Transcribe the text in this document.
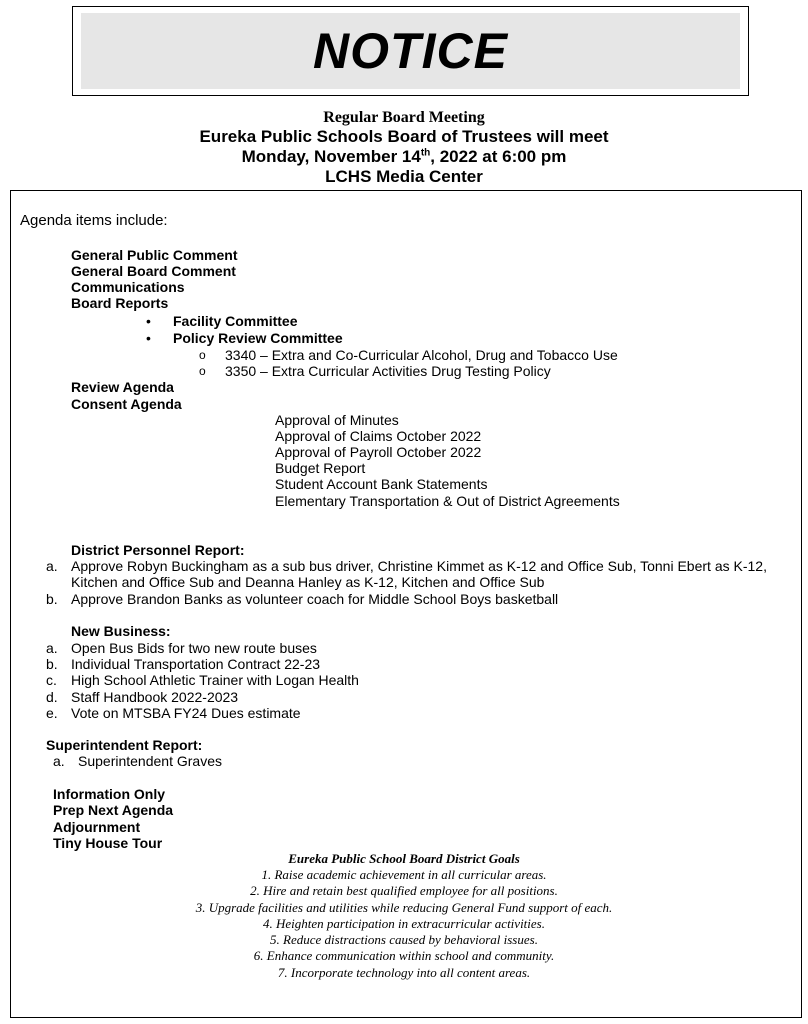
NOTICE
Regular Board Meeting
Eureka Public Schools Board of Trustees will meet
Monday, November 14th, 2022 at 6:00 pm
LCHS Media Center
Agenda items include:
General Public Comment
General Board Comment
Communications
Board Reports
• Facility Committee
• Policy Review Committee
o 3340 – Extra and Co-Curricular Alcohol, Drug and Tobacco Use
o 3350 – Extra Curricular Activities Drug Testing Policy
Review Agenda
Consent Agenda
Approval of Minutes
Approval of Claims October 2022
Approval of Payroll October 2022
Budget Report
Student Account Bank Statements
Elementary Transportation & Out of District Agreements
District Personnel Report:
a. Approve Robyn Buckingham as a sub bus driver, Christine Kimmet as K-12 and Office Sub, Tonni Ebert as K-12,
Kitchen and Office Sub and Deanna Hanley as K-12, Kitchen and Office Sub
b. Approve Brandon Banks as volunteer coach for Middle School Boys basketball
New Business:
a. Open Bus Bids for two new route buses
b. Individual Transportation Contract 22-23
c. High School Athletic Trainer with Logan Health
d. Staff Handbook 2022-2023
e. Vote on MTSBA FY24 Dues estimate
Superintendent Report:
a. Superintendent Graves
Information Only
Prep Next Agenda
Adjournment
Tiny House Tour
Eureka Public School Board District Goals
1. Raise academic achievement in all curricular areas.
2. Hire and retain best qualified employee for all positions.
3. Upgrade facilities and utilities while reducing General Fund support of each.
4. Heighten participation in extracurricular activities.
5. Reduce distractions caused by behavioral issues.
6. Enhance communication within school and community.
7. Incorporate technology into all content areas.
